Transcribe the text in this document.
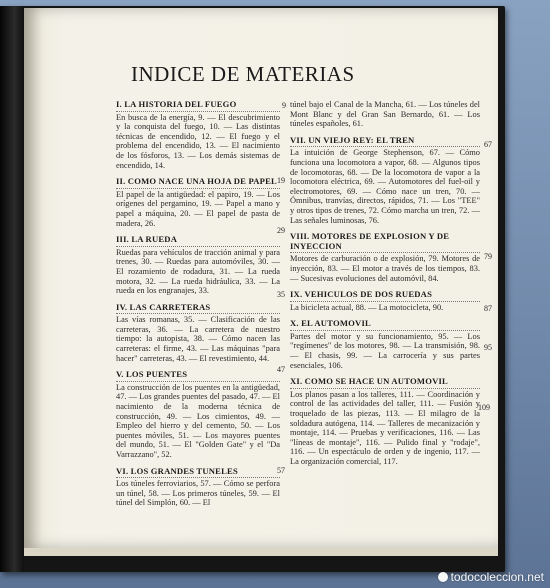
INDICE DE MATERIAS
I. LA HISTORIA DEL FUEGO
En busca de la energía, 9. — El descubrimiento y la conquista del fuego, 10. — Las distintas técnicas de encendido, 12. — El fuego y el problema del encendido, 13. — El nacimiento de los fósforos, 13. — Los demás sistemas de encendido, 14.
II. COMO NACE UNA HOJA DE PAPEL
El papel de la antigüedad: el papiro, 19. — Los orígenes del pergamino, 19. — Papel a mano y papel a máquina, 20. — El papel de pasta de madera, 26.
III. LA RUEDA
Ruedas para vehículos de tracción animal y para trenes, 30. — Ruedas para automóviles, 30. — El rozamiento de rodadura, 31. — La rueda motora, 32. — La rueda hidráulica, 33. — La rueda en los engranajes, 33.
IV. LAS CARRETERAS
Las vías romanas, 35. — Clasificación de las carreteras, 36. — La carretera de nuestro tiempo: la autopista, 38. — Cómo nacen las carreteras: el firme, 43. — Las máquinas "para hacer" carreteras, 43. — El revestimiento, 44.
V. LOS PUENTES
La construcción de los puentes en la antigüedad, 47. — Los grandes puentes del pasado, 47. — El nacimiento de la moderna técnica de construcción, 49. — Los cimientos, 49. — Empleo del hierro y del cemento, 50. — Los puentes móviles, 51. — Los mayores puentes del mundo, 51. — El "Golden Gate" y el "Da Varrazzano", 52.
VI. LOS GRANDES TUNELES
Los túneles ferroviarios, 57. — Cómo se perfora un túnel, 58. — Los primeros túneles, 59. — El túnel del Simplón, 60. — El
9
19
29
35
47
57
túnel bajo el Canal de la Mancha, 61. — Los túneles del Mont Blanc y del Gran San Bernardo, 61. — Los túneles españoles, 61.
VII. UN VIEJO REY: EL TREN
La intuición de George Stephenson, 67. — Cómo funciona una locomotora a vapor, 68. — Algunos tipos de locomotoras, 68. — De la locomotora de vapor a la locomotora eléctrica, 69. — Automotores del fuel-oil y electromotores, 69. — Cómo nace un tren, 70. — Ómnibus, tranvías, directos, rápidos, 71. — Los "TEE" y otros tipos de trenes, 72. Cómo marcha un tren, 72. — Las señales luminosas, 76.
VIII. MOTORES DE EXPLOSION Y DE INYECCION
Motores de carburación o de explosión, 79. Motores de inyección, 83. — El motor a través de los tiempos, 83. — Sucesivas evoluciones del automóvil, 84.
IX. VEHICULOS DE DOS RUEDAS
La bicicleta actual, 88. — La motocicleta, 90.
X. EL AUTOMOVIL
Partes del motor y su funcionamiento, 95. — Los "regímenes" de los motores, 98. — La transmisión, 98. — El chasis, 99. — La carrocería y sus partes esenciales, 106.
XI. COMO SE HACE UN AUTOMOVIL
Los planos pasan a los talleres, 111. — Coordinación y control de las actividades del taller, 111. — Fusión y troquelado de las piezas, 113. — El milagro de la soldadura autógena, 114. — Talleres de mecanización y montaje, 114. — Pruebas y verificaciones, 116. — Las "líneas de montaje", 116. — Pulido final y "rodaje", 116. — Un espectáculo de orden y de ingenio, 117. — La organización comercial, 117.
67
79
87
95
109
todocoleccion.net
